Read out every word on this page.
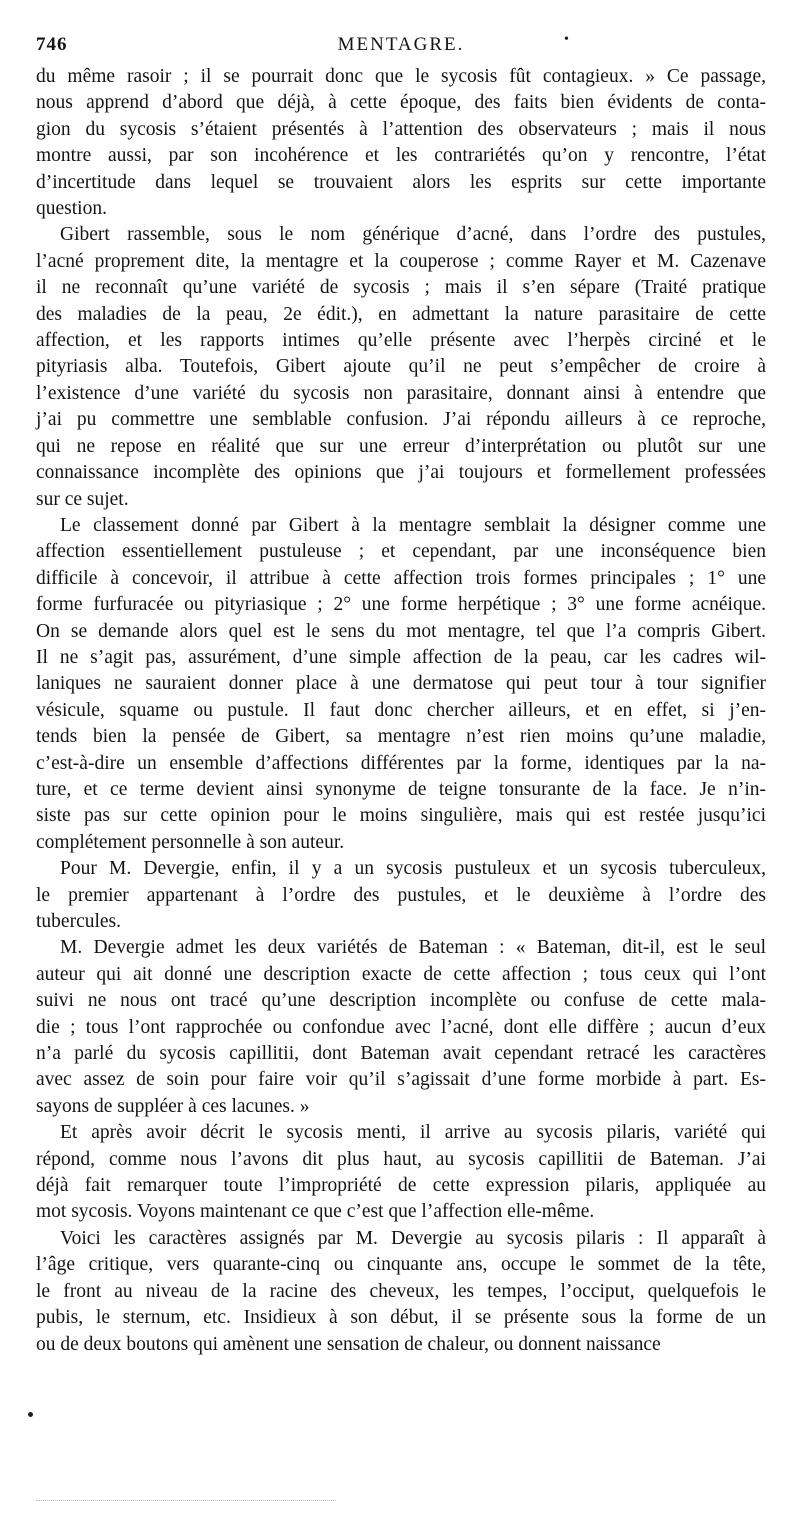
746	MENTAGRE.	•

du même rasoir ; il se pourrait donc que le sycosis fût contagieux. » Ce passage,
nous apprend d’abord que déjà, à cette époque, des faits bien évidents de conta-
gion du sycosis s’étaient présentés à l’attention des observateurs ; mais il nous
montre aussi, par son incohérence et les contrariétés qu’on y rencontre, l’état
d’incertitude dans lequel se trouvaient alors les esprits sur cette importante
question.

Gibert rassemble, sous le nom générique d’acné, dans l’ordre des pustules,
l’acné proprement dite, la mentagre et la couperose ; comme Rayer et M. Cazenave
il ne reconnaît qu’une variété de sycosis ; mais il s’en sépare (Traité pratique
des maladies de la peau, 2e édit.), en admettant la nature parasitaire de cette
affection, et les rapports intimes qu’elle présente avec l’herpès circiné et le
pityriasis alba. Toutefois, Gibert ajoute qu’il ne peut s’empêcher de croire à
l’existence d’une variété du sycosis non parasitaire, donnant ainsi à entendre que
j’ai pu commettre une semblable confusion. J’ai répondu ailleurs à ce reproche,
qui ne repose en réalité que sur une erreur d’interprétation ou plutôt sur une
connaissance incomplète des opinions que j’ai toujours et formellement professées
sur ce sujet.

Le classement donné par Gibert à la mentagre semblait la désigner comme une
affection essentiellement pustuleuse ; et cependant, par une inconséquence bien
difficile à concevoir, il attribue à cette affection trois formes principales ; 1° une
forme furfuracée ou pityriasique ; 2° une forme herpétique ; 3° une forme acnéique.
On se demande alors quel est le sens du mot mentagre, tel que l’a compris Gibert.
Il ne s’agit pas, assurément, d’une simple affection de la peau, car les cadres wil-
laniques ne sauraient donner place à une dermatose qui peut tour à tour signifier
vésicule, squame ou pustule. Il faut donc chercher ailleurs, et en effet, si j’en-
tends bien la pensée de Gibert, sa mentagre n’est rien moins qu’une maladie,
c’est-à-dire un ensemble d’affections différentes par la forme, identiques par la na-
ture, et ce terme devient ainsi synonyme de teigne tonsurante de la face. Je n’in-
siste pas sur cette opinion pour le moins singulière, mais qui est restée jusqu’ici
complétement personnelle à son auteur.

Pour M. Devergie, enfin, il y a un sycosis pustuleux et un sycosis tuberculeux,
le premier appartenant à l’ordre des pustules, et le deuxième à l’ordre des
tubercules.

M. Devergie admet les deux variétés de Bateman : « Bateman, dit-il, est le seul
auteur qui ait donné une description exacte de cette affection ; tous ceux qui l’ont
suivi ne nous ont tracé qu’une description incomplète ou confuse de cette mala-
die ; tous l’ont rapprochée ou confondue avec l’acné, dont elle diffère ; aucun d’eux
n’a parlé du sycosis capillitii, dont Bateman avait cependant retracé les caractères
avec assez de soin pour faire voir qu’il s’agissait d’une forme morbide à part. Es-
sayons de suppléer à ces lacunes. »

Et après avoir décrit le sycosis menti, il arrive au sycosis pilaris, variété qui
répond, comme nous l’avons dit plus haut, au sycosis capillitii de Bateman. J’ai
déjà fait remarquer toute l’impropriété de cette expression pilaris, appliquée au
mot sycosis. Voyons maintenant ce que c’est que l’affection elle-même.

Voici les caractères assignés par M. Devergie au sycosis pilaris : Il apparaît à
l’âge critique, vers quarante-cinq ou cinquante ans, occupe le sommet de la tête,
le front au niveau de la racine des cheveux, les tempes, l’occiput, quelquefois le
pubis, le sternum, etc. Insidieux à son début, il se présente sous la forme de un
ou de deux boutons qui amènent une sensation de chaleur, ou donnent naissance
